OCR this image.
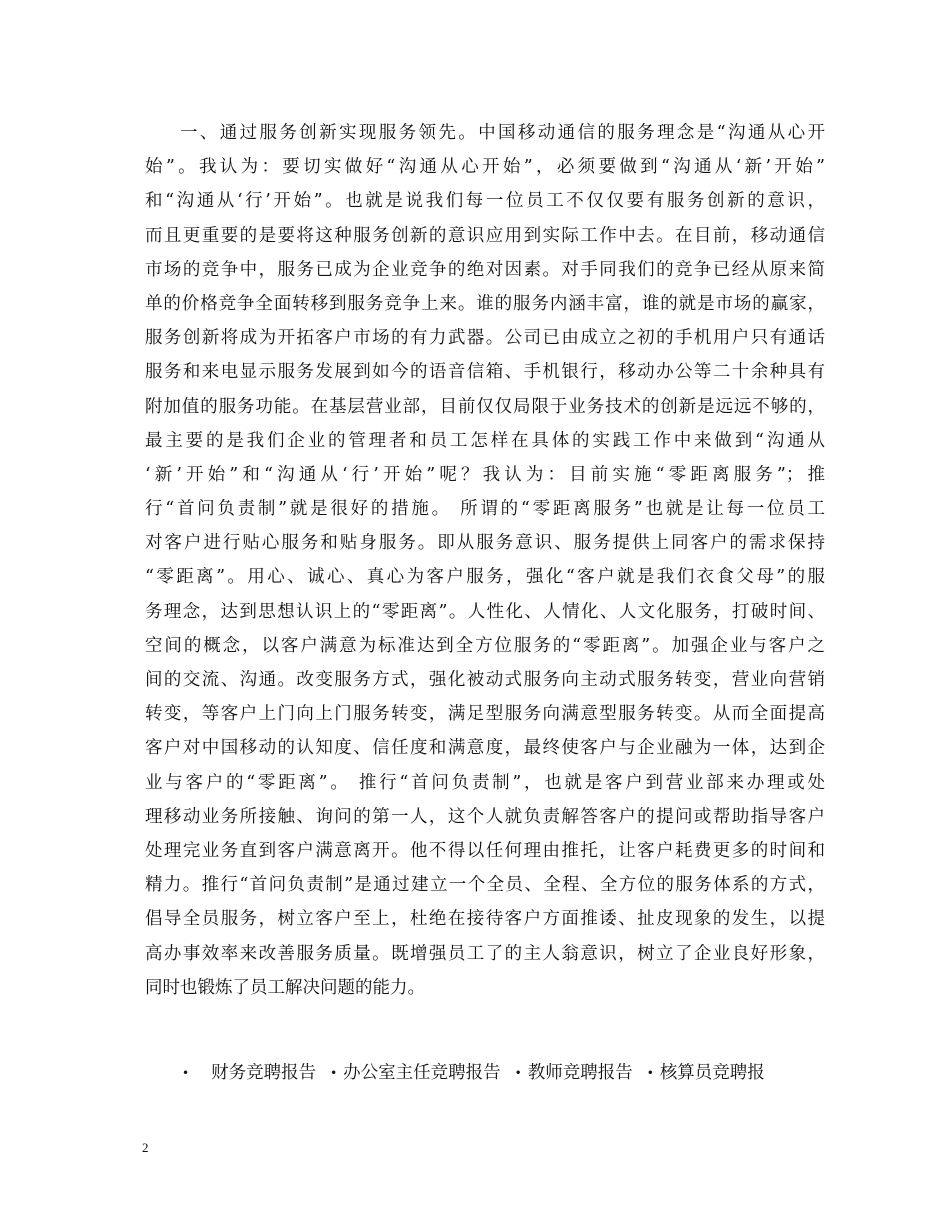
一、通过服务创新实现服务领先。中国移动通信的服务理念是“沟通从心开
始”。我认为：要切实做好“沟通从心开始”，必须要做到“沟通从‘新’开始”
和“沟通从‘行’开始”。也就是说我们每一位员工不仅仅要有服务创新的意识，
而且更重要的是要将这种服务创新的意识应用到实际工作中去。在目前，移动通信
市场的竞争中，服务已成为企业竞争的绝对因素。对手同我们的竞争已经从原来简
单的价格竞争全面转移到服务竞争上来。谁的服务内涵丰富，谁的就是市场的赢家，
服务创新将成为开拓客户市场的有力武器。公司已由成立之初的手机用户只有通话
服务和来电显示服务发展到如今的语音信箱、手机银行，移动办公等二十余种具有
附加值的服务功能。在基层营业部，目前仅仅局限于业务技术的创新是远远不够的，
最主要的是我们企业的管理者和员工怎样在具体的实践工作中来做到“沟通从
‘新’开始”和“沟通从‘行’开始”呢？我认为：目前实施“零距离服务”；推
行“首问负责制”就是很好的措施。 所谓的“零距离服务”也就是让每一位员工
对客户进行贴心服务和贴身服务。即从服务意识、服务提供上同客户的需求保持
“零距离”。用心、诚心、真心为客户服务，强化“客户就是我们衣食父母”的服
务理念，达到思想认识上的“零距离”。人性化、人情化、人文化服务，打破时间、
空间的概念，以客户满意为标准达到全方位服务的“零距离”。加强企业与客户之
间的交流、沟通。改变服务方式，强化被动式服务向主动式服务转变，营业向营销
转变，等客户上门向上门服务转变，满足型服务向满意型服务转变。从而全面提高
客户对中国移动的认知度、信任度和满意度，最终使客户与企业融为一体，达到企
业与客户的“零距离”。 推行“首问负责制”，也就是客户到营业部来办理或处
理移动业务所接触、询问的第一人，这个人就负责解答客户的提问或帮助指导客户
处理完业务直到客户满意离开。他不得以任何理由推托，让客户耗费更多的时间和
精力。推行“首问负责制”是通过建立一个全员、全程、全方位的服务体系的方式，
倡导全员服务，树立客户至上，杜绝在接待客户方面推诿、扯皮现象的发生，以提
高办事效率来改善服务质量。既增强员工了的主人翁意识，树立了企业良好形象，
同时也锻炼了员工解决问题的能力。
• 财务竞聘报告 • 办公室主任竞聘报告 • 教师竞聘报告 • 核算员竞聘报
2
